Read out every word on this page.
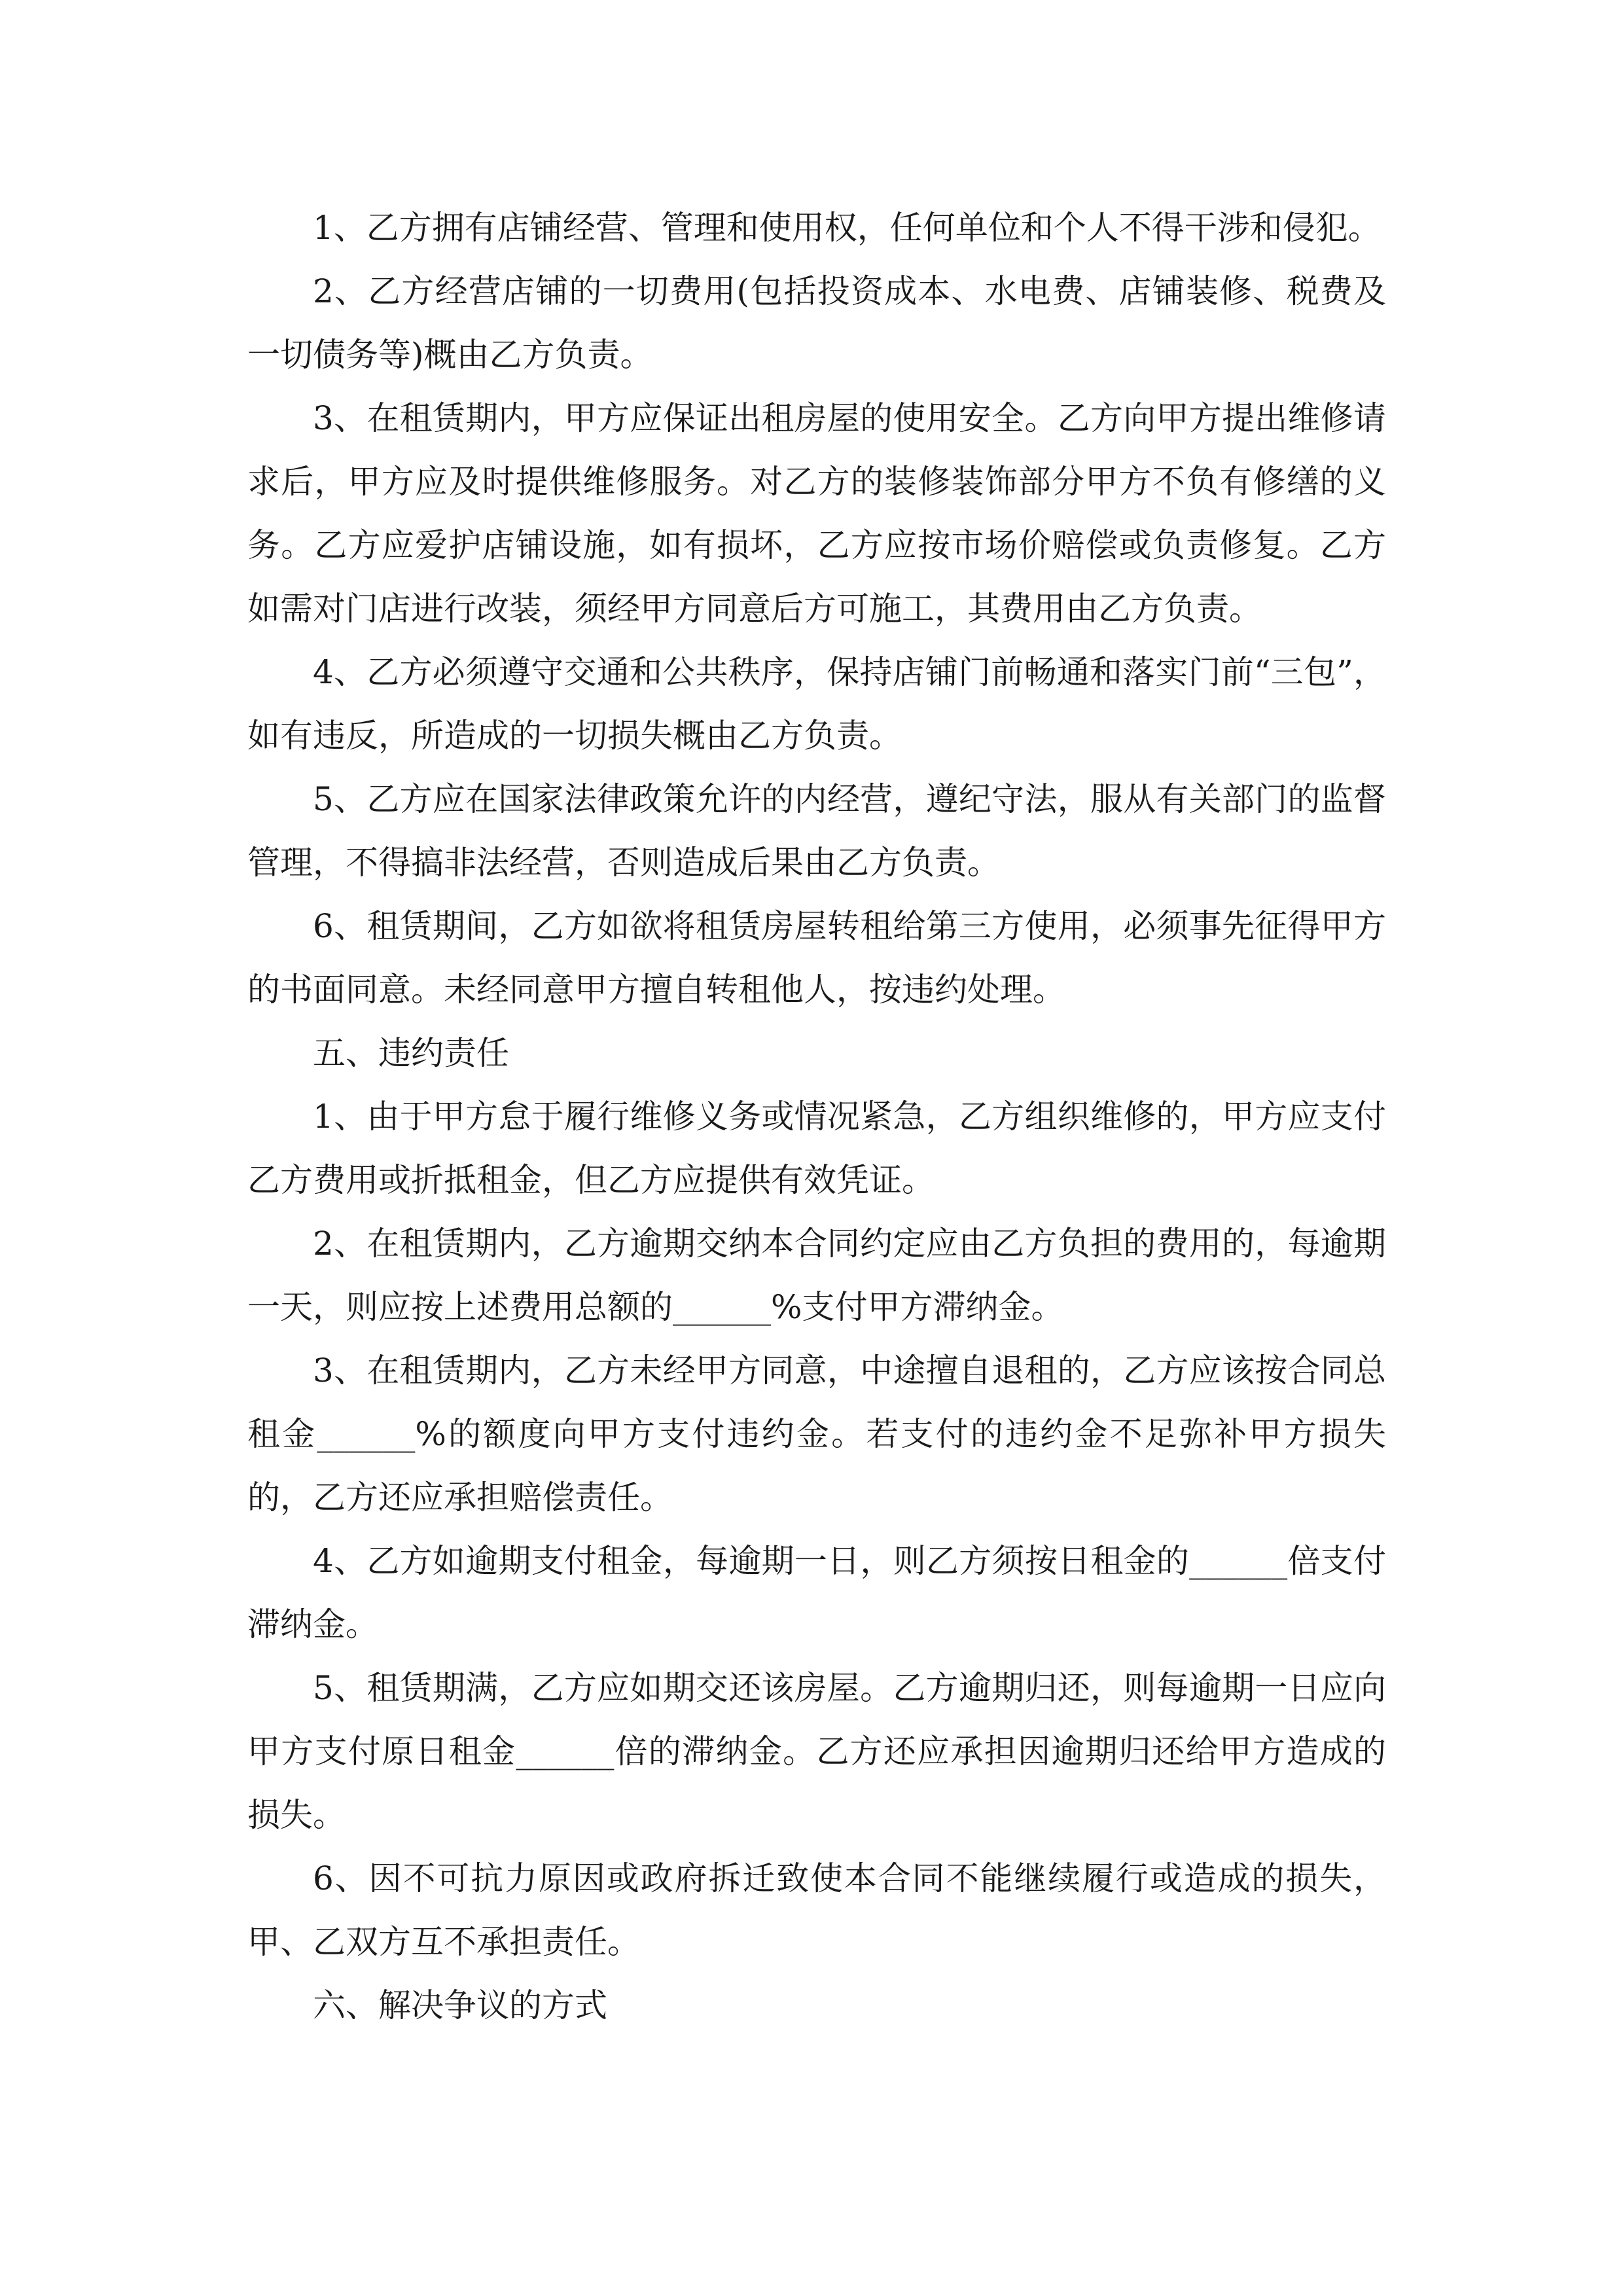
1、乙方拥有店铺经营、管理和使用权，任何单位和个人不得干涉和侵犯。

2、乙方经营店铺的一切费用(包括投资成本、水电费、店铺装修、税费及一切债务等)概由乙方负责。

3、在租赁期内，甲方应保证出租房屋的使用安全。乙方向甲方提出维修请求后，甲方应及时提供维修服务。对乙方的装修装饰部分甲方不负有修缮的义务。乙方应爱护店铺设施，如有损坏，乙方应按市场价赔偿或负责修复。乙方如需对门店进行改装，须经甲方同意后方可施工，其费用由乙方负责。

4、乙方必须遵守交通和公共秩序，保持店铺门前畅通和落实门前“三包”，如有违反，所造成的一切损失概由乙方负责。

5、乙方应在国家法律政策允许的内经营，遵纪守法，服从有关部门的监督管理，不得搞非法经营，否则造成后果由乙方负责。

6、租赁期间，乙方如欲将租赁房屋转租给第三方使用，必须事先征得甲方的书面同意。未经同意甲方擅自转租他人，按违约处理。

五、违约责任

1、由于甲方怠于履行维修义务或情况紧急，乙方组织维修的，甲方应支付乙方费用或折抵租金，但乙方应提供有效凭证。

2、在租赁期内，乙方逾期交纳本合同约定应由乙方负担的费用的，每逾期一天，则应按上述费用总额的______%支付甲方滞纳金。

3、在租赁期内，乙方未经甲方同意，中途擅自退租的，乙方应该按合同总租金______%的额度向甲方支付违约金。若支付的违约金不足弥补甲方损失的，乙方还应承担赔偿责任。

4、乙方如逾期支付租金，每逾期一日，则乙方须按日租金的______倍支付滞纳金。

5、租赁期满，乙方应如期交还该房屋。乙方逾期归还，则每逾期一日应向甲方支付原日租金______倍的滞纳金。乙方还应承担因逾期归还给甲方造成的损失。

6、因不可抗力原因或政府拆迁致使本合同不能继续履行或造成的损失，甲、乙双方互不承担责任。

六、解决争议的方式
